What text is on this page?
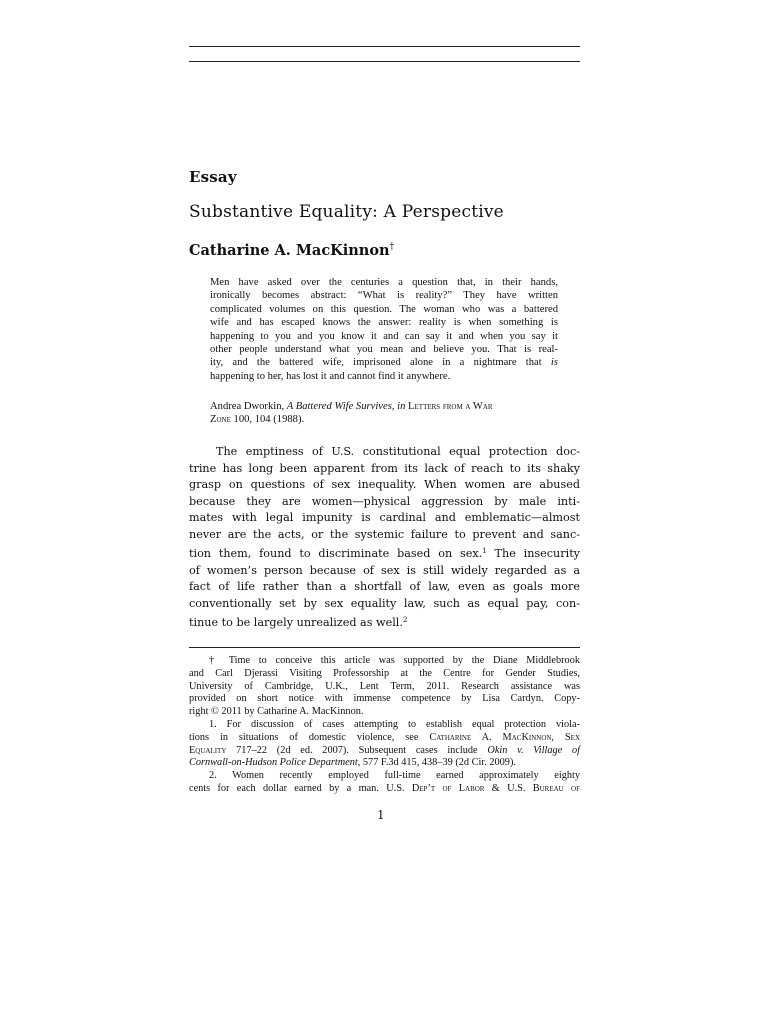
Essay
Substantive Equality: A Perspective
Catharine A. MacKinnon†
Men have asked over the centuries a question that, in their hands,
ironically becomes abstract: “What is reality?” They have written
complicated volumes on this question. The woman who was a battered
wife and has escaped knows the answer: reality is when something is
happening to you and you know it and can say it and when you say it
other people understand what you mean and believe you. That is real-
ity, and the battered wife, imprisoned alone in a nightmare that is
happening to her, has lost it and cannot find it anywhere.
Andrea Dworkin, A Battered Wife Survives, in Letters from a War
Zone 100, 104 (1988).
The emptiness of U.S. constitutional equal protection doc-
trine has long been apparent from its lack of reach to its shaky
grasp on questions of sex inequality. When women are abused
because they are women—physical aggression by male inti-
mates with legal impunity is cardinal and emblematic—almost
never are the acts, or the systemic failure to prevent and sanc-
tion them, found to discriminate based on sex.$^1$ The insecurity
of women’s person because of sex is still widely regarded as a
fact of life rather than a shortfall of law, even as goals more
conventionally set by sex equality law, such as equal pay, con-
tinue to be largely unrealized as well.$^2$
† Time to conceive this article was supported by the Diane Middlebrook
and Carl Djerassi Visiting Professorship at the Centre for Gender Studies,
University of Cambridge, U.K., Lent Term, 2011. Research assistance was
provided on short notice with immense competence by Lisa Cardyn. Copy-
right © 2011 by Catharine A. MacKinnon.
1. For discussion of cases attempting to establish equal protection viola-
tions in situations of domestic violence, see Catharine A. MacKinnon, Sex
Equality 717–22 (2d ed. 2007). Subsequent cases include Okin v. Village of
Cornwall-on-Hudson Police Department, 577 F.3d 415, 438–39 (2d Cir. 2009).
2. Women recently employed full-time earned approximately eighty
cents for each dollar earned by a man. U.S. Dep’t of Labor & U.S. Bureau of
1
